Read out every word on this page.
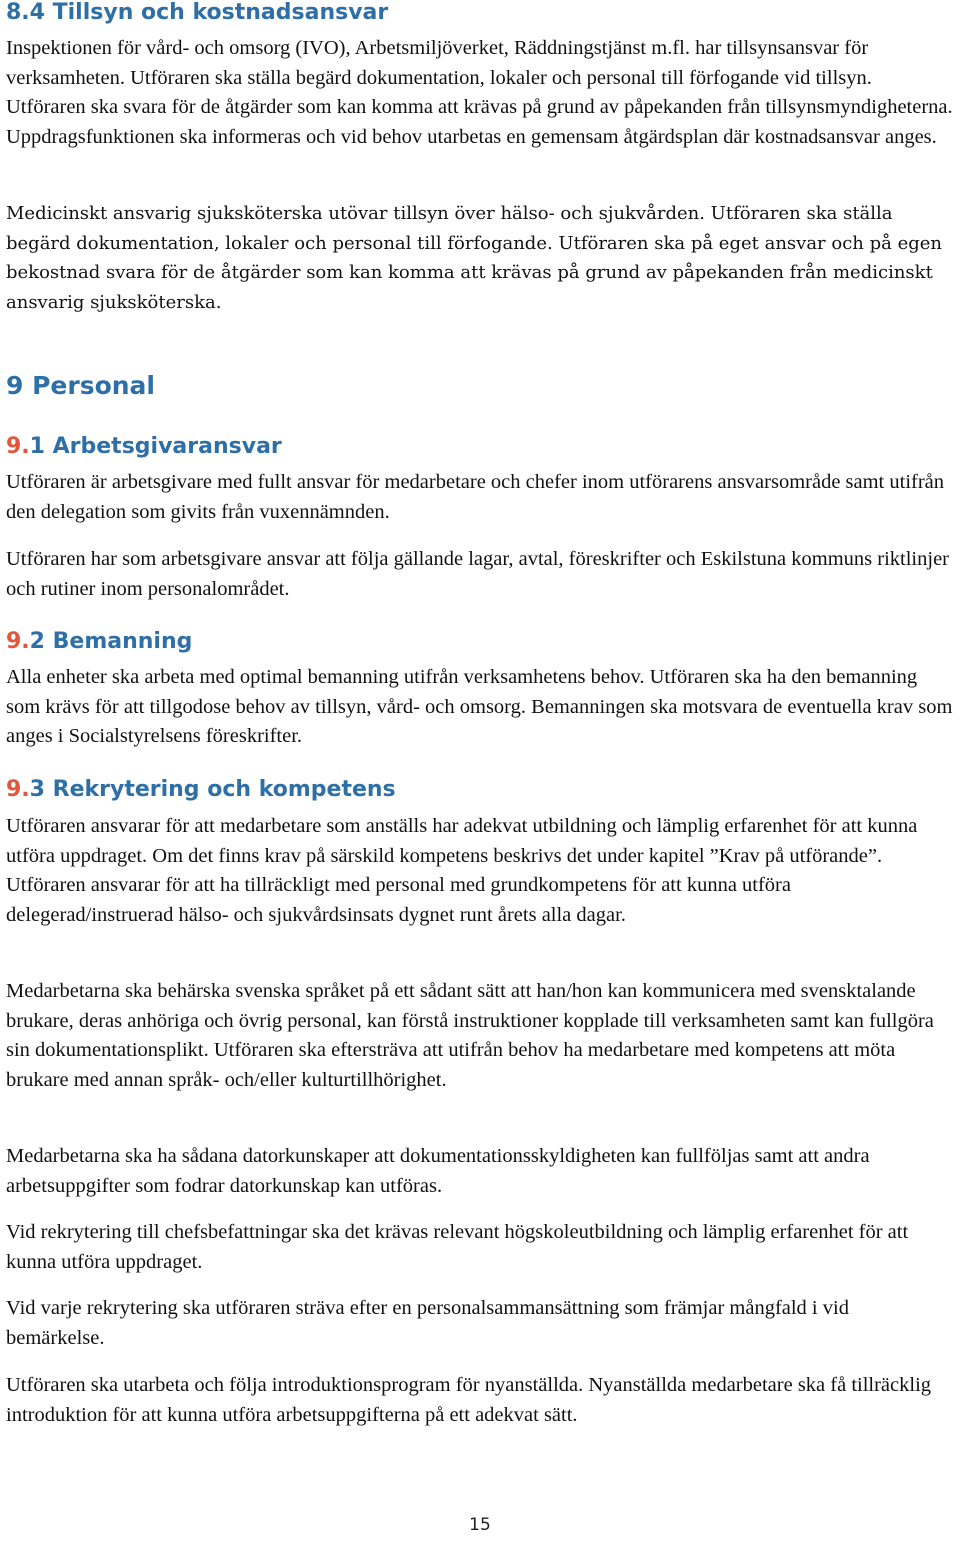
8.4 Tillsyn och kostnadsansvar

Inspektionen för vård- och omsorg (IVO), Arbetsmiljöverket, Räddningstjänst m.fl. har tillsynsansvar för verksamheten. Utföraren ska ställa begärd dokumentation, lokaler och personal till förfogande vid tillsyn. Utföraren ska svara för de åtgärder som kan komma att krävas på grund av påpekanden från tillsynsmyndigheterna. Uppdragsfunktionen ska informeras och vid behov utarbetas en gemensam åtgärdsplan där kostnadsansvar anges.

Medicinskt ansvarig sjuksköterska utövar tillsyn över hälso- och sjukvården. Utföraren ska ställa begärd dokumentation, lokaler och personal till förfogande. Utföraren ska på eget ansvar och på egen bekostnad svara för de åtgärder som kan komma att krävas på grund av påpekanden från medicinskt ansvarig sjuksköterska.

9 Personal
9.1 Arbetsgivaransvar

Utföraren är arbetsgivare med fullt ansvar för medarbetare och chefer inom utförarens ansvarsområde samt utifrån den delegation som givits från vuxennämnden.

Utföraren har som arbetsgivare ansvar att följa gällande lagar, avtal, föreskrifter och Eskilstuna kommuns riktlinjer och rutiner inom personalområdet.

9.2 Bemanning

Alla enheter ska arbeta med optimal bemanning utifrån verksamhetens behov. Utföraren ska ha den bemanning som krävs för att tillgodose behov av tillsyn, vård- och omsorg. Bemanningen ska motsvara de eventuella krav som anges i Socialstyrelsens föreskrifter.

9.3 Rekrytering och kompetens

Utföraren ansvarar för att medarbetare som anställs har adekvat utbildning och lämplig erfarenhet för att kunna utföra uppdraget. Om det finns krav på särskild kompetens beskrivs det under kapitel ”Krav på utförande”. Utföraren ansvarar för att ha tillräckligt med personal med grundkompetens för att kunna utföra delegerad/instruerad hälso- och sjukvårdsinsats dygnet runt årets alla dagar.

Medarbetarna ska behärska svenska språket på ett sådant sätt att han/hon kan kommunicera med svensktalande brukare, deras anhöriga och övrig personal, kan förstå instruktioner kopplade till verksamheten samt kan fullgöra sin dokumentationsplikt. Utföraren ska eftersträva att utifrån behov ha medarbetare med kompetens att möta brukare med annan språk- och/eller kulturtillhörighet.

Medarbetarna ska ha sådana datorkunskaper att dokumentationsskyldigheten kan fullföljas samt att andra arbetsuppgifter som fodrar datorkunskap kan utföras.

Vid rekrytering till chefsbefattningar ska det krävas relevant högskoleutbildning och lämplig erfarenhet för att kunna utföra uppdraget.

Vid varje rekrytering ska utföraren sträva efter en personalsammansättning som främjar mångfald i vid bemärkelse.

Utföraren ska utarbeta och följa introduktionsprogram för nyanställda. Nyanställda medarbetare ska få tillräcklig introduktion för att kunna utföra arbetsuppgifterna på ett adekvat sätt.

15
